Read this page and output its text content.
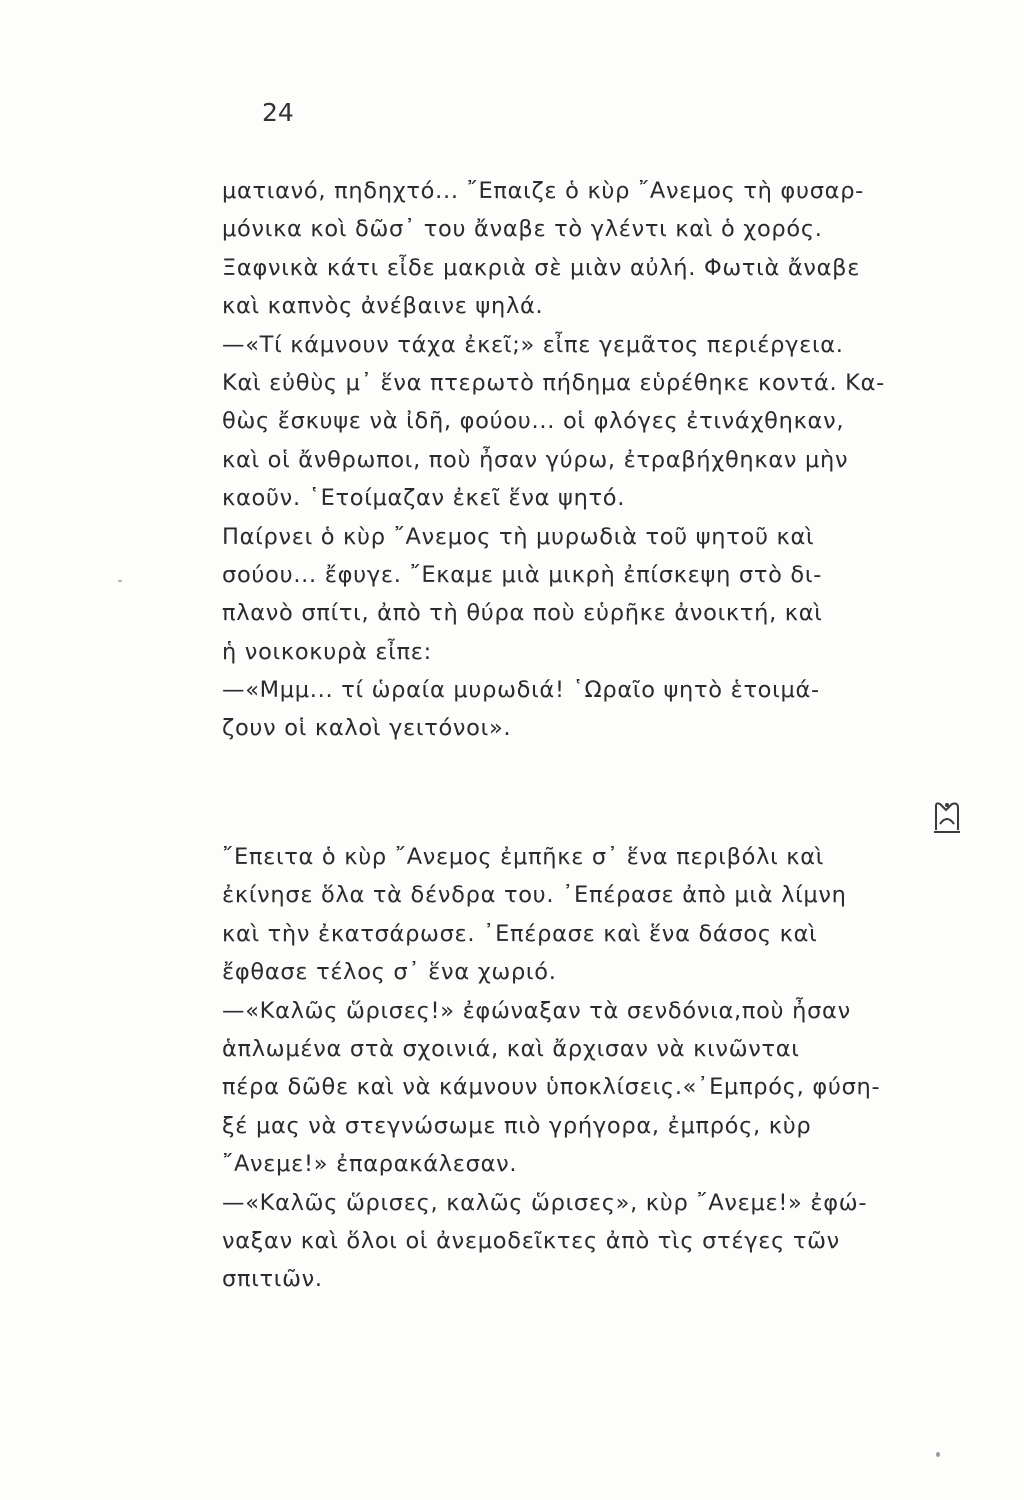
24
ματιανό, πηδηχτό... ῎Επαιζε ὁ κὺρ ῎Ανεμος τὴ φυσαρ-
μόνικα κοὶ δῶσ᾽ του ἄναβε τὸ γλέντι καὶ ὁ χορός.
Ξαφνικὰ κάτι εἶδε μακριὰ σὲ μιὰν αὐλή. Φωτιὰ ἄναβε
καὶ καπνὸς ἀνέβαινε ψηλά.
—«Τί κάμνουν τάχα ἐκεῖ;» εἶπε γεμᾶτος περιέργεια.
Καὶ εὐθὺς μ᾽ ἕνα πτερωτὸ πήδημα εὑρέθηκε κοντά. Κα-
θὼς ἔσκυψε νὰ ἰδῆ, φούου... οἱ φλόγες ἐτινάχθηκαν,
καὶ οἱ ἄνθρωποι, ποὺ ἦσαν γύρω, ἐτραβήχθηκαν μὴν
καοῦν. ῾Ετοίμαζαν ἐκεῖ ἕνα ψητό.
Παίρνει ὁ κὺρ ῎Ανεμος τὴ μυρωδιὰ τοῦ ψητοῦ καὶ
σούου... ἔφυγε. ῎Εκαμε μιὰ μικρὴ ἐπίσκεψη στὸ δι-
πλανὸ σπίτι, ἀπὸ τὴ θύρα ποὺ εὑρῆκε ἀνοικτή, καὶ
ἡ νοικοκυρὰ εἶπε:
—«Μμμ... τί ὡραία μυρωδιά! ῾Ωραῖο ψητὸ ἑτοιμά-
ζουν οἱ καλοὶ γειτόνοι».
῎Επειτα ὁ κὺρ ῎Ανεμος ἐμπῆκε σ᾽ ἕνα περιβόλι καὶ
ἐκίνησε ὅλα τὰ δένδρα του. ᾽Επέρασε ἀπὸ μιὰ λίμνη
καὶ τὴν ἐκατσάρωσε. ᾽Επέρασε καὶ ἕνα δάσος καὶ
ἔφθασε τέλος σ᾽ ἕνα χωριό.
—«Καλῶς ὥρισες!» ἐφώναξαν τὰ σενδόνια,ποὺ ἦσαν
ἁπλωμένα στὰ σχοινιά, καὶ ἄρχισαν νὰ κινῶνται
πέρα δῶθε καὶ νὰ κάμνουν ὑποκλίσεις.«᾽Εμπρός, φύση-
ξέ μας νὰ στεγνώσωμε πιὸ γρήγορα, ἐμπρός, κὺρ
῎Ανεμε!» ἐπαρακάλεσαν.
—«Καλῶς ὥρισες, καλῶς ὥρισες», κὺρ ῎Ανεμε!» ἐφώ-
ναξαν καὶ ὅλοι οἱ ἀνεμοδεῖκτες ἀπὸ τὶς στέγες τῶν
σπιτιῶν.
